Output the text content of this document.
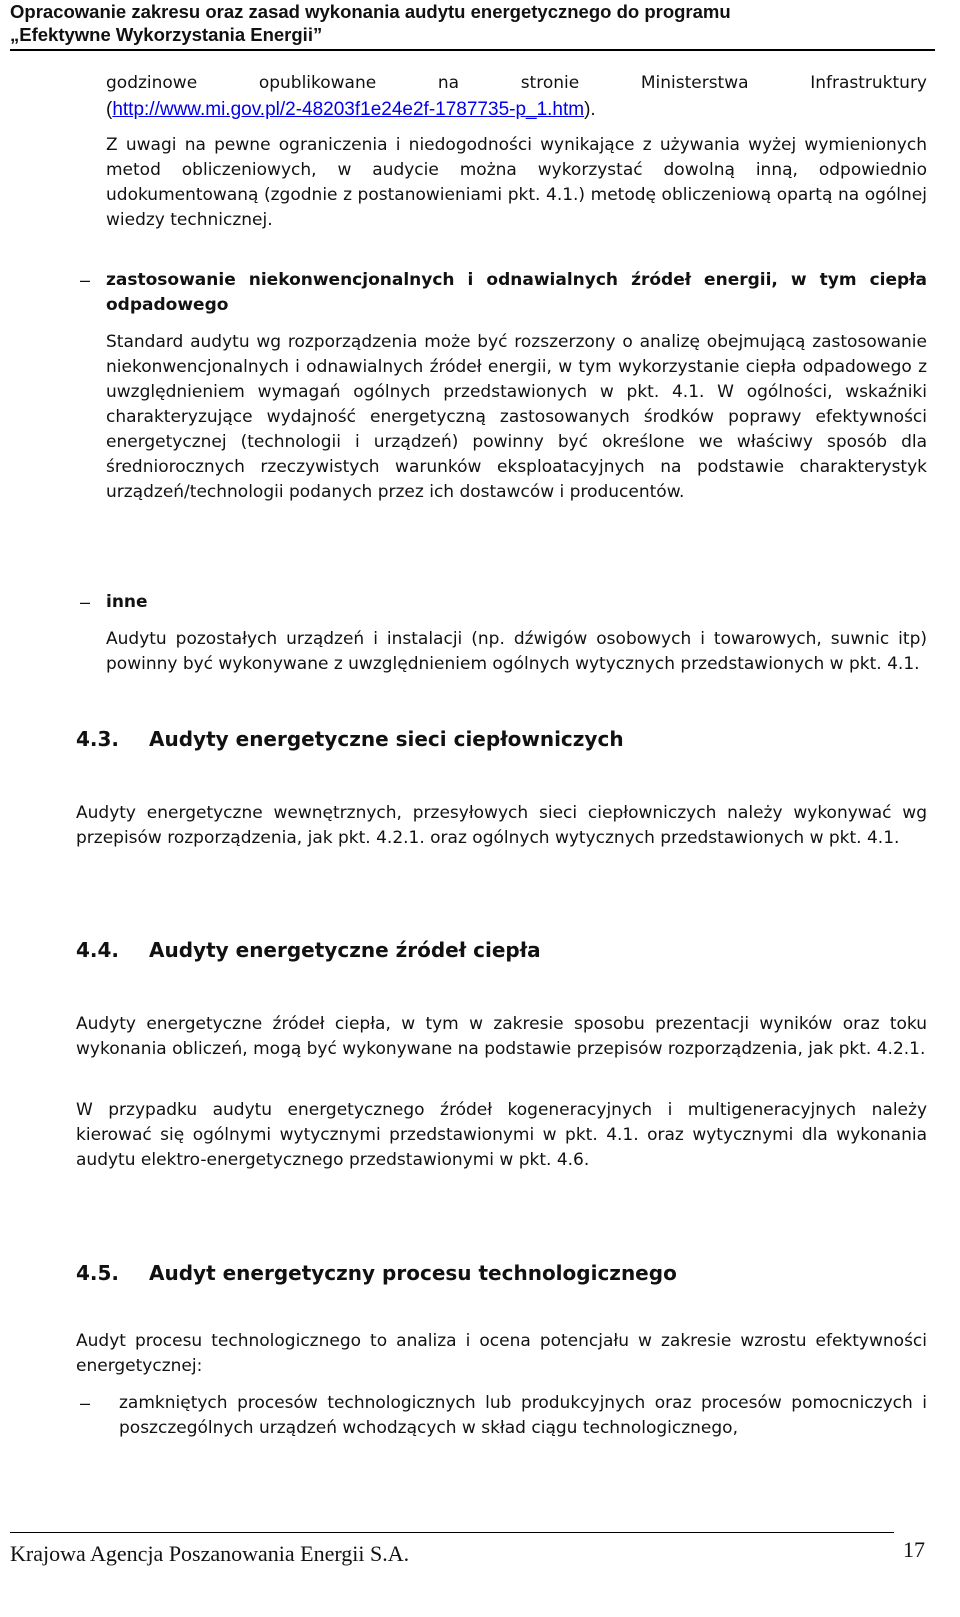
Opracowanie zakresu oraz zasad wykonania audytu energetycznego do programu
„Efektywne Wykorzystania Energii”

godzinowe opublikowane na stronie Ministerstwa Infrastruktury

(http://www.mi.gov.pl/2-48203f1e24e2f-1787735-p_1.htm).

Z uwagi na pewne ograniczenia i niedogodności wynikające z używania wyżej wymienionych metod obliczeniowych, w audycie można wykorzystać dowolną inną, odpowiednio udokumentowaną (zgodnie z postanowieniami pkt. 4.1.) metodę obliczeniową opartą na ogólnej wiedzy technicznej.

– zastosowanie niekonwencjonalnych i odnawialnych źródeł energii, w tym ciepła odpadowego

Standard audytu wg rozporządzenia może być rozszerzony o analizę obejmującą zastosowanie niekonwencjonalnych i odnawialnych źródeł energii, w tym wykorzystanie ciepła odpadowego z uwzględnieniem wymagań ogólnych przedstawionych w pkt. 4.1. W ogólności, wskaźniki charakteryzujące wydajność energetyczną zastosowanych środków poprawy efektywności energetycznej (technologii i urządzeń) powinny być określone we właściwy sposób dla średniorocznych rzeczywistych warunków eksploatacyjnych na podstawie charakterystyk urządzeń/technologii podanych przez ich dostawców i producentów.

– inne

Audytu pozostałych urządzeń i instalacji (np. dźwigów osobowych i towarowych, suwnic itp) powinny być wykonywane z uwzględnieniem ogólnych wytycznych przedstawionych w pkt. 4.1.

4.3. Audyty energetyczne sieci ciepłowniczych

Audyty energetyczne wewnętrznych, przesyłowych sieci ciepłowniczych należy wykonywać wg przepisów rozporządzenia, jak pkt. 4.2.1. oraz ogólnych wytycznych przedstawionych w pkt. 4.1.

4.4. Audyty energetyczne źródeł ciepła

Audyty energetyczne źródeł ciepła, w tym w zakresie sposobu prezentacji wyników oraz toku wykonania obliczeń, mogą być wykonywane na podstawie przepisów rozporządzenia, jak pkt. 4.2.1.

W przypadku audytu energetycznego źródeł kogeneracyjnych i multigeneracyjnych należy kierować się ogólnymi wytycznymi przedstawionymi w pkt. 4.1. oraz wytycznymi dla wykonania audytu elektro-energetycznego przedstawionymi w pkt. 4.6.

4.5. Audyt energetyczny procesu technologicznego

Audyt procesu technologicznego to analiza i ocena potencjału w zakresie wzrostu efektywności energetycznej:

– zamkniętych procesów technologicznych lub produkcyjnych oraz procesów pomocniczych i poszczególnych urządzeń wchodzących w skład ciągu technologicznego,

Krajowa Agencja Poszanowania Energii S.A.	17
